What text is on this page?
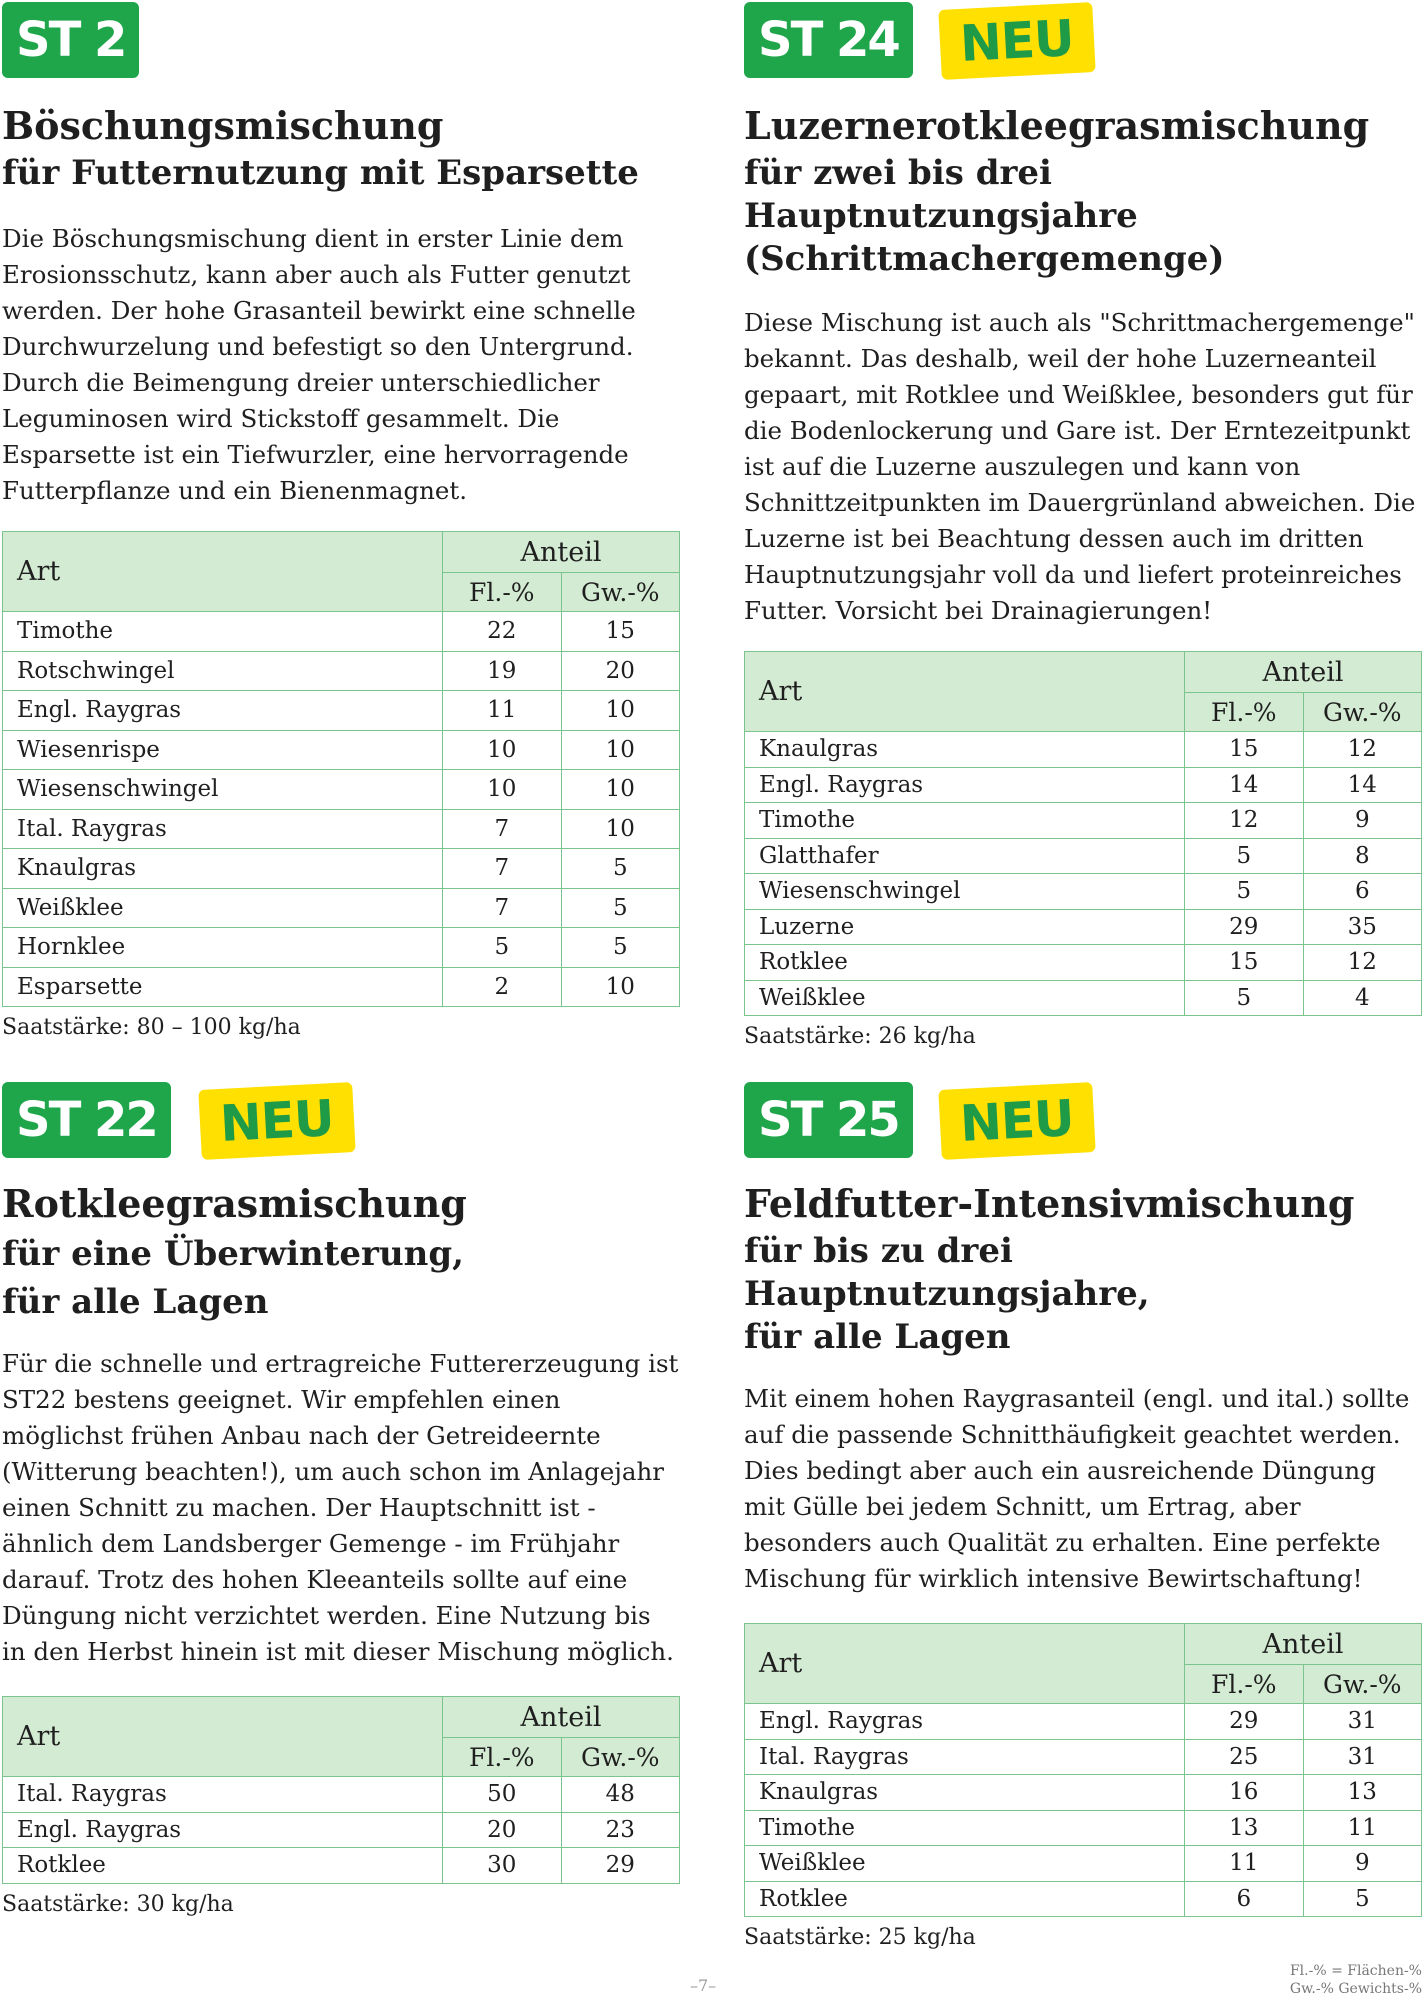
ST 2
Böschungsmischung
für Futternutzung mit Esparsette

Die Böschungsmischung dient in erster Linie dem Erosionsschutz, kann aber auch als Futter genutzt werden. Der hohe Grasanteil bewirkt eine schnelle Durchwurzelung und befestigt so den Untergrund. Durch die Beimengung dreier unterschiedlicher Leguminosen wird Stickstoff gesammelt. Die Esparsette ist ein Tiefwurzler, eine hervorragende Futterpflanze und ein Bienenmagnet.

Art	Anteil	
	Fl.-%	Gw.-%
Timothe	22	15
Rotschwingel	19	20
Engl. Raygras	11	10
Wiesenrispe	10	10
Wiesenschwingel	10	10
Ital. Raygras	7	10
Knaulgras	7	5
Weißklee	7	5
Hornklee	5	5
Esparsette	2	10
Saatstärke: 80 – 100 kg/ha
ST 24	NEU
Luzernerotkleegrasmischung
für zwei bis drei Hauptnutzungsjahre
(Schrittmachergemenge)

Diese Mischung ist auch als "Schrittmachergemenge" bekannt. Das deshalb, weil der hohe Luzerneanteil gepaart, mit Rotklee und Weißklee, besonders gut für die Bodenlockerung und Gare ist. Der Erntezeitpunkt ist auf die Luzerne auszulegen und kann von Schnittzeitpunkten im Dauergrünland abweichen. Die Luzerne ist bei Beachtung dessen auch im dritten Hauptnutzungsjahr voll da und liefert proteinreiches Futter. Vorsicht bei Drainagierungen!

Art	Anteil	
	Fl.-%	Gw.-%
Knaulgras	15	12
Engl. Raygras	14	14
Timothe	12	9
Glatthafer	5	8
Wiesenschwingel	5	6
Luzerne	29	35
Rotklee	15	12
Weißklee	5	4
Saatstärke: 26 kg/ha
ST 22	NEU
Rotkleegrasmischung
für eine Überwinterung,
für alle Lagen

Für die schnelle und ertragreiche Futtererzeugung ist ST22 bestens geeignet. Wir empfehlen einen möglichst frühen Anbau nach der Getreideernte (Witterung beachten!), um auch schon im Anlagejahr einen Schnitt zu machen. Der Hauptschnitt ist - ähnlich dem Landsberger Gemenge - im Frühjahr darauf. Trotz des hohen Kleeanteils sollte auf eine Düngung nicht verzichtet werden. Eine Nutzung bis in den Herbst hinein ist mit dieser Mischung möglich.

Art	Anteil	
	Fl.-%	Gw.-%
Ital. Raygras	50	48
Engl. Raygras	20	23
Rotklee	30	29
Saatstärke: 30 kg/ha
ST 25	NEU
Feldfutter-Intensivmischung
für bis zu drei Hauptnutzungsjahre,
für alle Lagen

Mit einem hohen Raygrasanteil (engl. und ital.) sollte auf die passende Schnitthäufigkeit geachtet werden. Dies bedingt aber auch ein ausreichende Düngung mit Gülle bei jedem Schnitt, um Ertrag, aber besonders auch Qualität zu erhalten. Eine perfekte Mischung für wirklich intensive Bewirtschaftung!

Art	Anteil	
	Fl.-%	Gw.-%
Engl. Raygras	29	31
Ital. Raygras	25	31
Knaulgras	16	13
Timothe	13	11
Weißklee	11	9
Rotklee	6	5
Saatstärke: 25 kg/ha
–7–
Fl.-% = Flächen-%
Gw.-% Gewichts-%
